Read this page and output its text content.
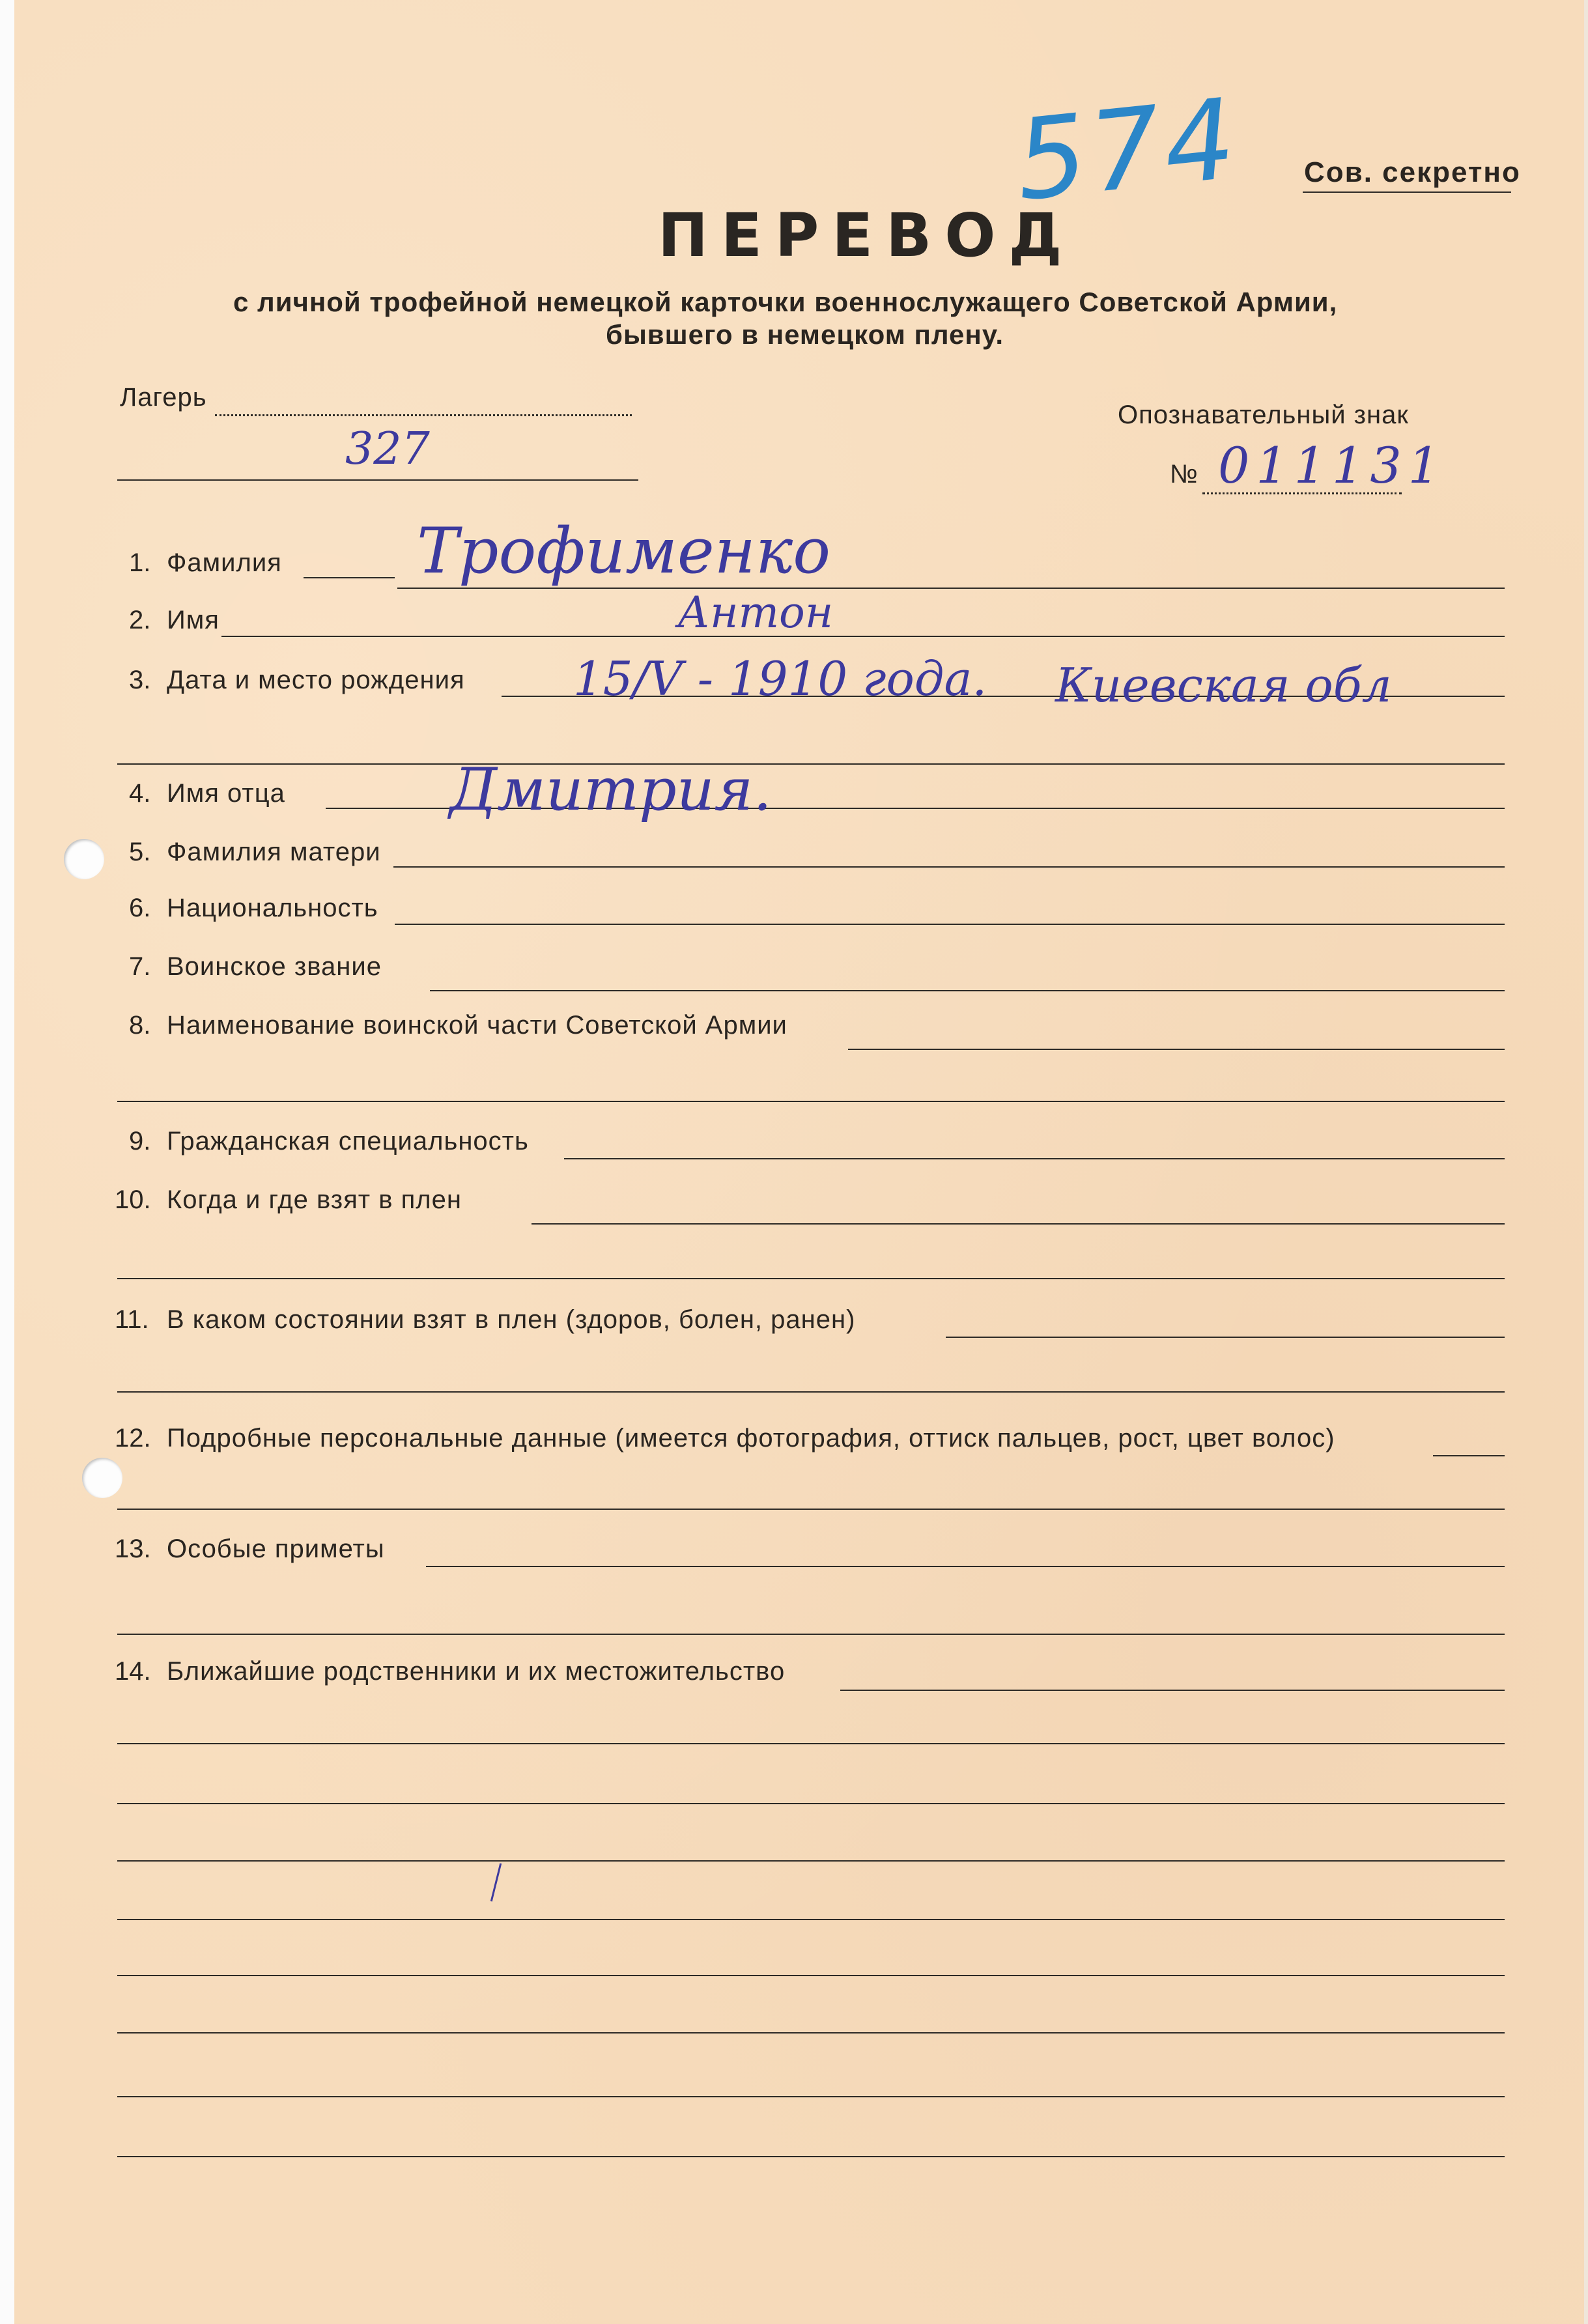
574 Сов. секретно
ПЕРЕВОД
с личной трофейной немецкой карточки военнослужащего Советской Армии,
бывшего в немецком плену.
Лагерь
327
Опознавательный знак
№ 011131
1. Фамилия Трофименко
2. Имя	Антон
3. Дата и место рождения 15/V - 1910 года. Киевская обл
4. Имя отца	Дмитрия.
5. Фамилия матери
6. Национальность
7. Воинское звание
8. Наименование воинской части Советской Армии
9. Гражданская специальность
10. Когда и где взят в плен
11. В каком состоянии взят в плен (здоров, болен, ранен)
12. Подробные персональные данные (имеется фотография, оттиск пальцев, рост, цвет волос)
13. Особые приметы
14. Ближайшие родственники и их местожительство
